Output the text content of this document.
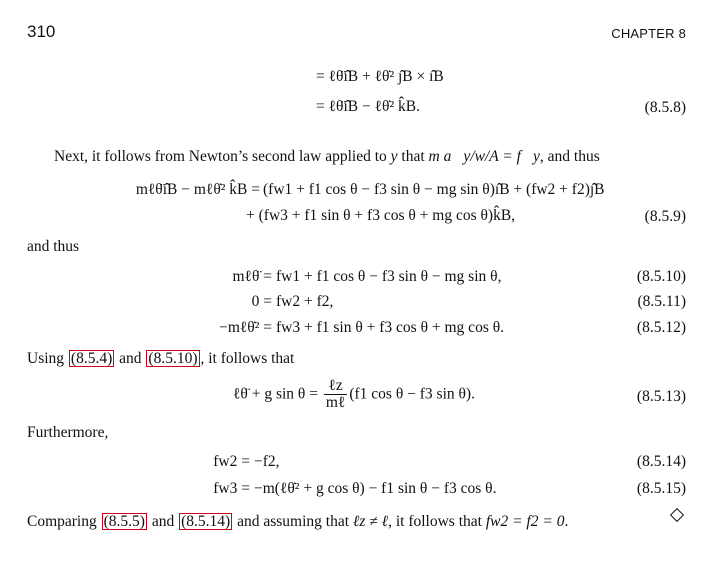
310	CHAPTER 8
= ℓθ̈ı̂B + ℓθ̇² ȷ̂B × ı̂B
= ℓθ̈ı̂B − ℓθ̇² k̂B.	(8.5.8)
Next, it follows from Newton’s second law applied to y that m a⃗y/w/A = f⃗y, and thus
mℓθ̈ı̂B − mℓθ̇² k̂B = (fw1 + f1 cos θ − f3 sin θ − mg sin θ)ı̂B + (fw2 + f2)ȷ̂B
+ (fw3 + f1 sin θ + f3 cos θ + mg cos θ)k̂B,	(8.5.9)
and thus
mℓθ̈ = fw1 + f1 cos θ − f3 sin θ − mg sin θ,	(8.5.10)
0 = fw2 + f2,	(8.5.11)
−mℓθ̇² = fw3 + f1 sin θ + f3 cos θ + mg cos θ.	(8.5.12)
Using (8.5.4) and (8.5.10) , it follows that
ℓθ̈ + g $\sin \theta = \frac{\text{ℓz}}{\text{mℓ}} (f1$ cos θ − f3 sin θ).	(8.5.13)
Furthermore,
fw2 = −f2,	(8.5.14)
fw3 = −m(ℓθ̇² + g cos θ) − f1 sin θ − f3 cos θ.	(8.5.15)
Comparing (8.5.5) and (8.5.14) and assuming that ℓz ≠ ℓ, it follows that fw2 = f2 = 0.
